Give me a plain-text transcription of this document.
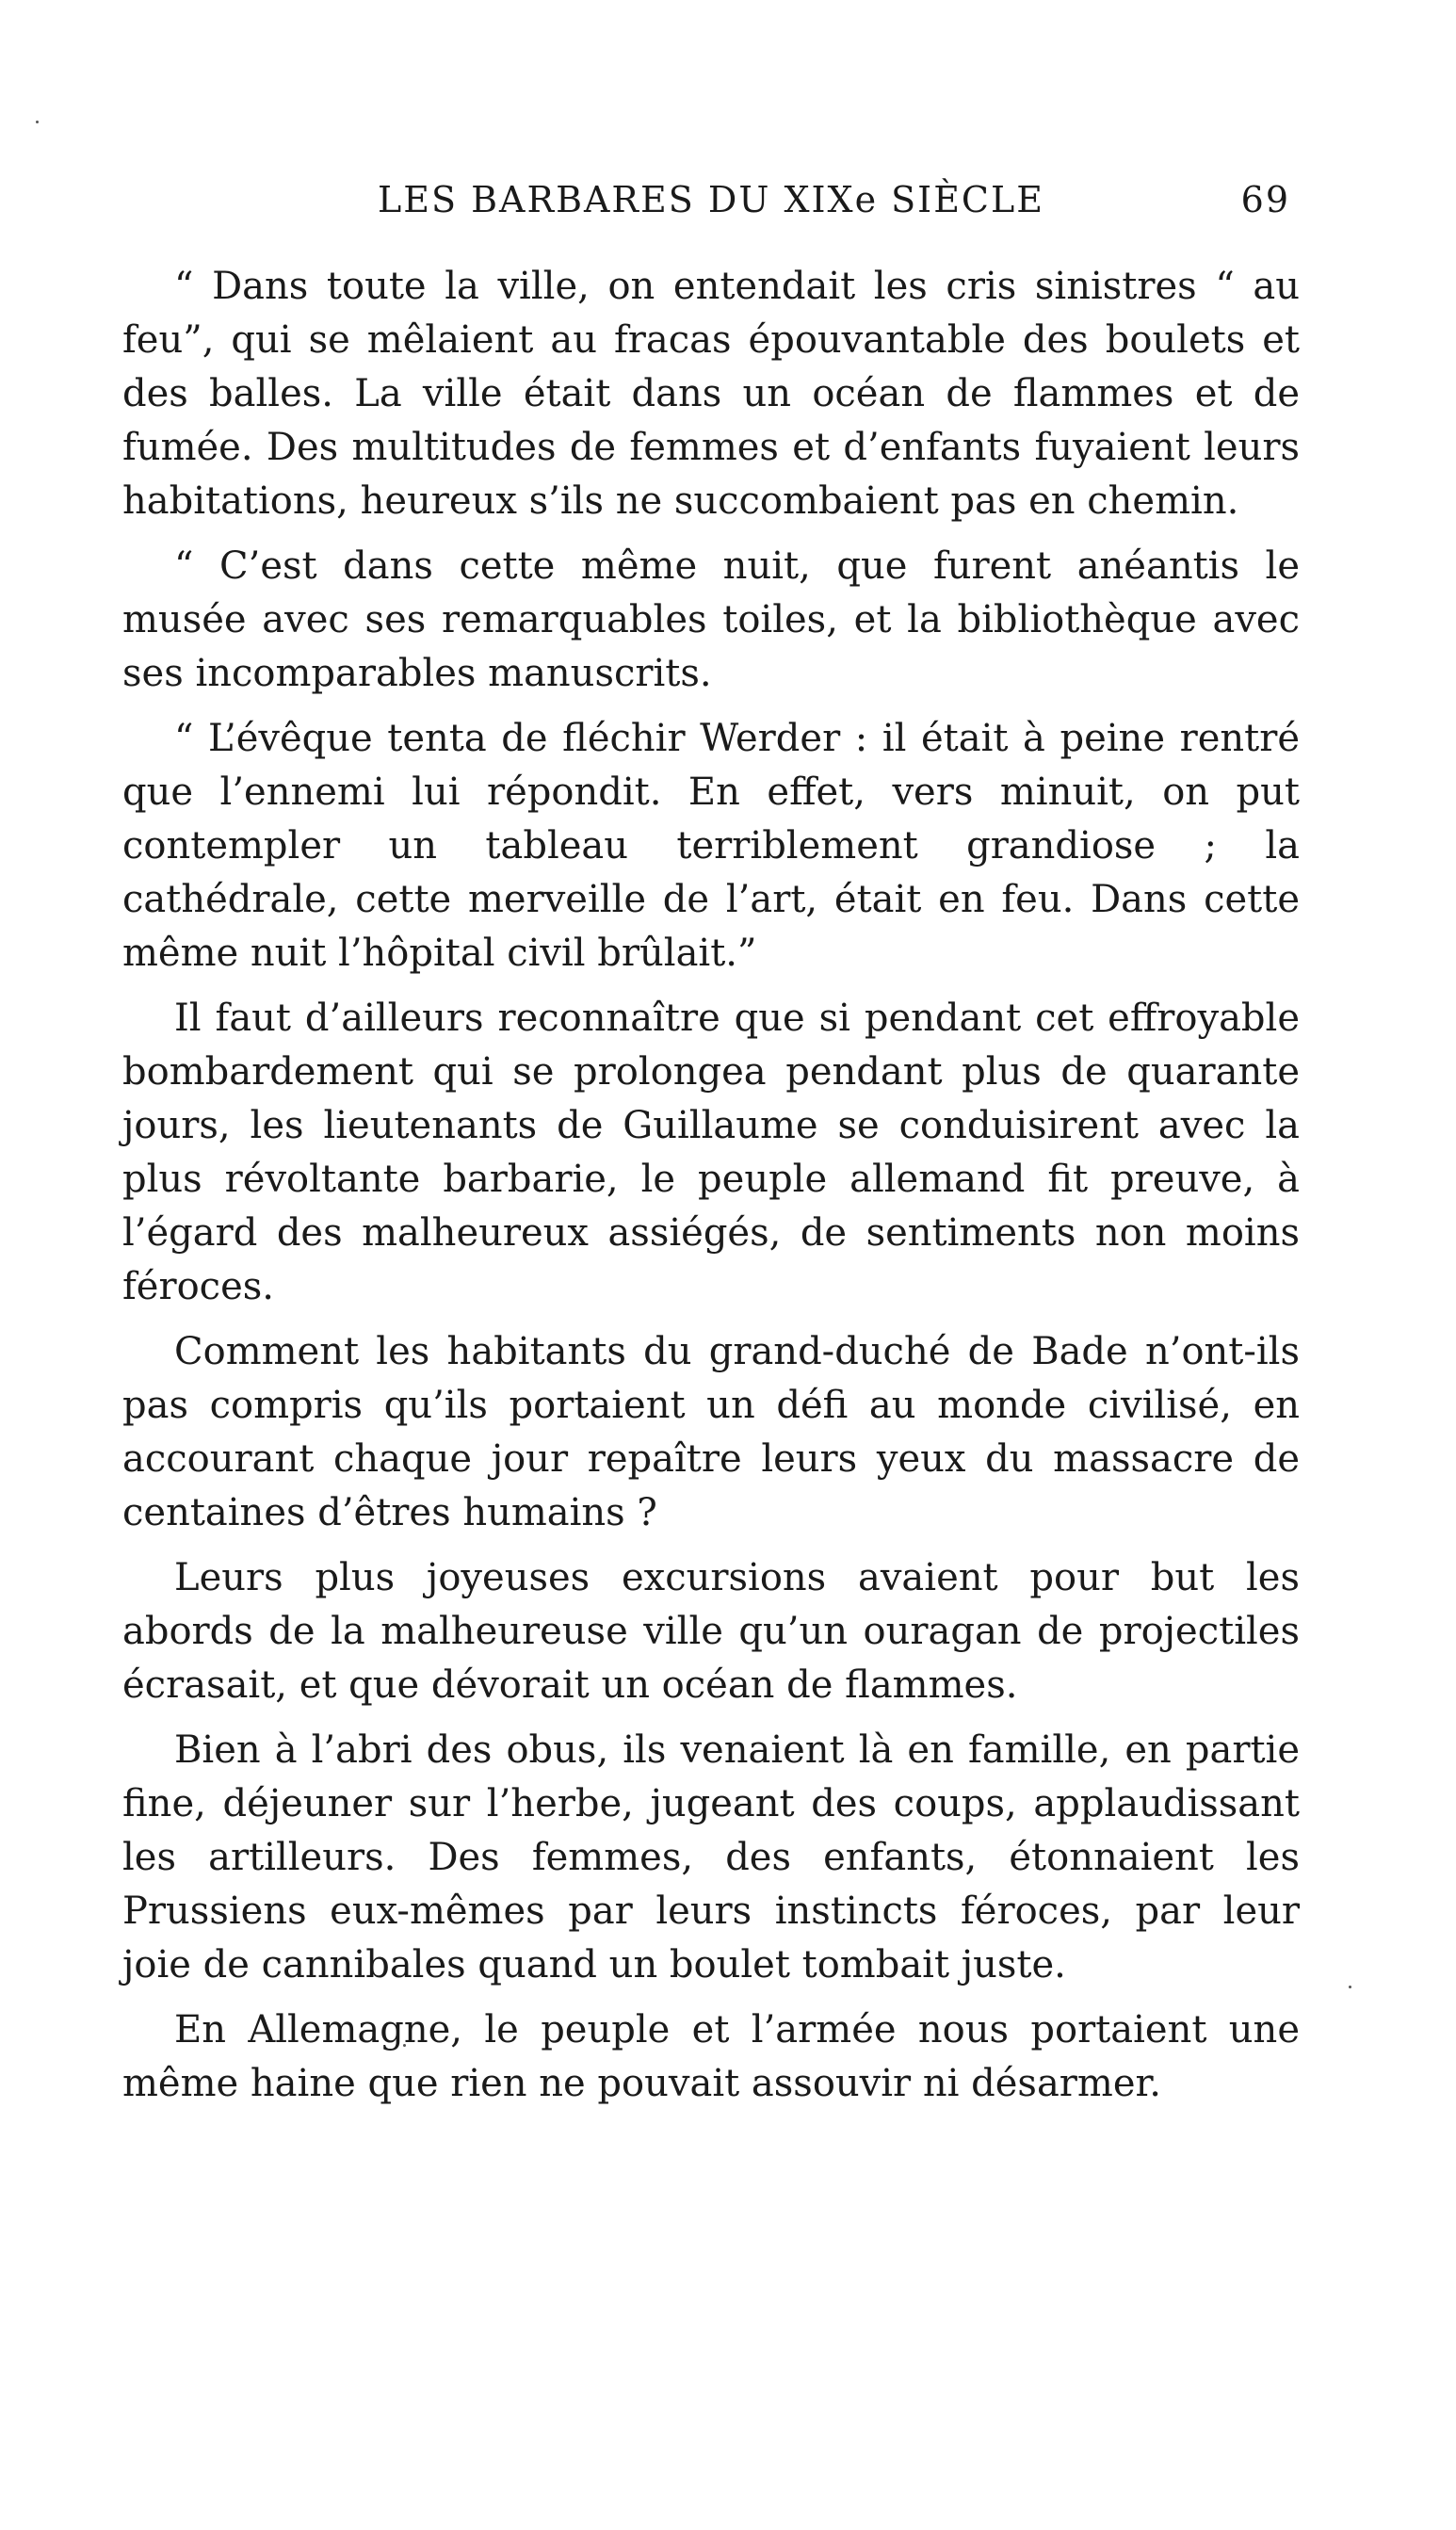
LES BARBARES DU XIXe SIÈCLE	69

“ Dans toute la ville, on entendait les cris sinistres “ au feu”, qui se mêlaient au fracas épouvantable des boulets et des balles. La ville était dans un océan de flammes et de fumée. Des multitudes de femmes et d’enfants fuyaient leurs habitations, heureux s’ils ne succombaient pas en chemin.

“ C’est dans cette même nuit, que furent anéantis le musée avec ses remarquables toiles, et la bibliothèque avec ses incomparables manuscrits.

“ L’évêque tenta de fléchir Werder : il était à peine rentré que l’ennemi lui répondit. En effet, vers minuit, on put contempler un tableau terriblement grandiose ; la cathédrale, cette merveille de l’art, était en feu. Dans cette même nuit l’hôpital civil brûlait.”

Il faut d’ailleurs reconnaître que si pendant cet effroyable bombardement qui se prolongea pendant plus de quarante jours, les lieutenants de Guillaume se conduisirent avec la plus révoltante barbarie, le peuple allemand fit preuve, à l’égard des malheureux assiégés, de sentiments non moins féroces.

Comment les habitants du grand-duché de Bade n’ont-ils pas compris qu’ils portaient un défi au monde civilisé, en accourant chaque jour repaître leurs yeux du massacre de centaines d’êtres humains ?

Leurs plus joyeuses excursions avaient pour but les abords de la malheureuse ville qu’un ouragan de projectiles écrasait, et que dévorait un océan de flammes.

Bien à l’abri des obus, ils venaient là en famille, en partie fine, déjeuner sur l’herbe, jugeant des coups, applaudissant les artilleurs. Des femmes, des enfants, étonnaient les Prussiens eux-mêmes par leurs instincts féroces, par leur joie de cannibales quand un boulet tombait juste.

En Allemagne, le peuple et l’armée nous portaient une même haine que rien ne pouvait assouvir ni désarmer.
